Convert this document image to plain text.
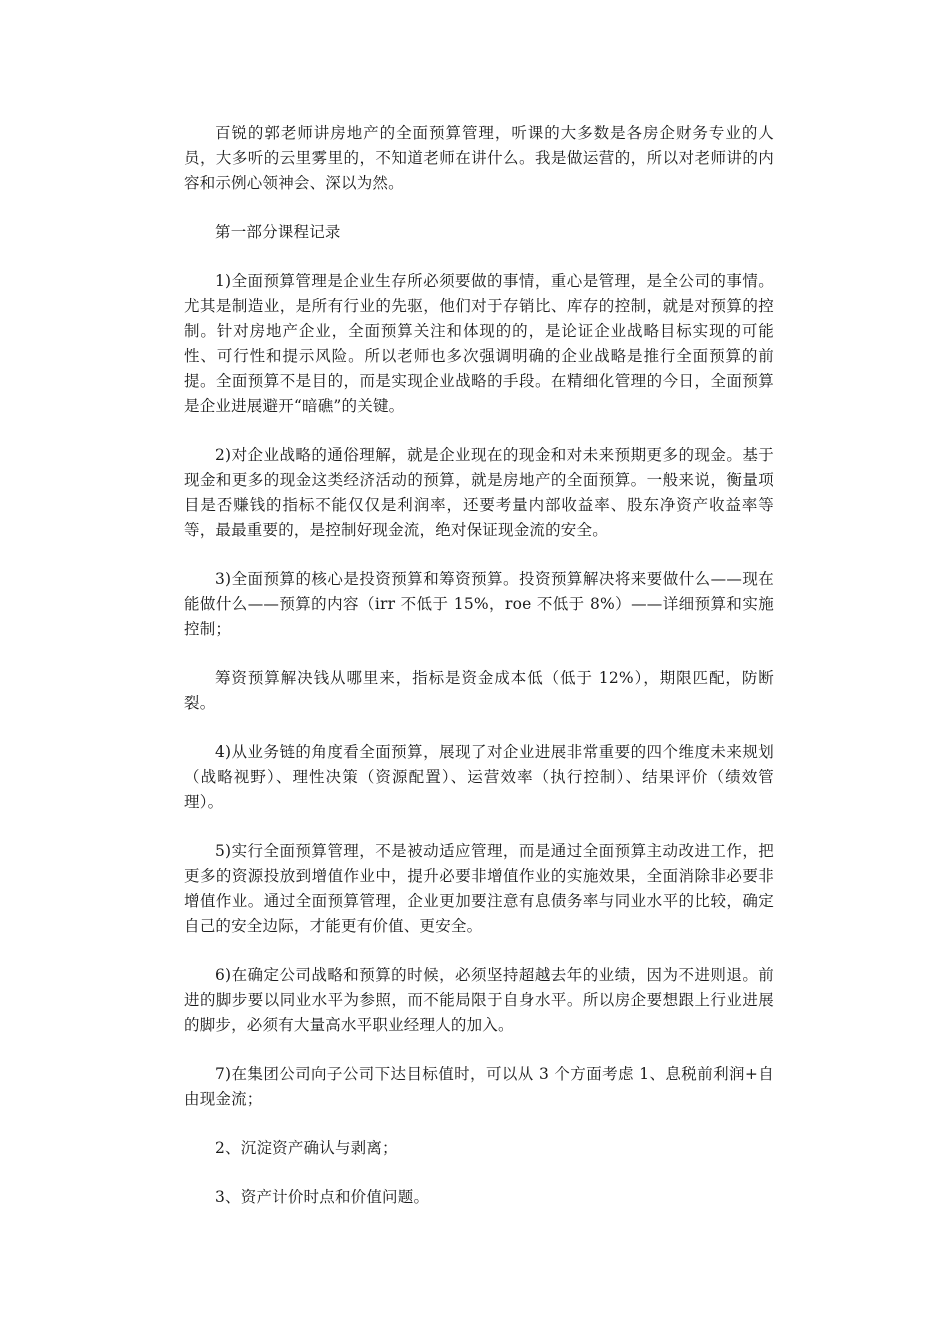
百锐的郭老师讲房地产的全面预算管理，听课的大多数是各房企财务专业的人员，大多听的云里雾里的，不知道老师在讲什么。我是做运营的，所以对老师讲的内容和示例心领神会、深以为然。

第一部分课程记录

1)全面预算管理是企业生存所必须要做的事情，重心是管理，是全公司的事情。尤其是制造业，是所有行业的先驱，他们对于存销比、库存的控制，就是对预算的控制。针对房地产企业，全面预算关注和体现的的，是论证企业战略目标实现的可能性、可行性和提示风险。所以老师也多次强调明确的企业战略是推行全面预算的前提。全面预算不是目的，而是实现企业战略的手段。在精细化管理的今日，全面预算是企业进展避开“暗礁”的关键。

2)对企业战略的通俗理解，就是企业现在的现金和对未来预期更多的现金。基于现金和更多的现金这类经济活动的预算，就是房地产的全面预算。一般来说，衡量项目是否赚钱的指标不能仅仅是利润率，还要考量内部收益率、股东净资产收益率等等，最最重要的，是控制好现金流，绝对保证现金流的安全。

3)全面预算的核心是投资预算和筹资预算。投资预算解决将来要做什么——现在能做什么——预算的内容（irr 不低于 15%，roe 不低于 8%）——详细预算和实施控制；

筹资预算解决钱从哪里来，指标是资金成本低（低于 12%），期限匹配，防断裂。

4)从业务链的角度看全面预算，展现了对企业进展非常重要的四个维度未来规划（战略视野）、理性决策（资源配置）、运营效率（执行控制）、结果评价（绩效管理）。

5)实行全面预算管理，不是被动适应管理，而是通过全面预算主动改进工作，把更多的资源投放到增值作业中，提升必要非增值作业的实施效果，全面消除非必要非增值作业。通过全面预算管理，企业更加要注意有息债务率与同业水平的比较，确定自己的安全边际，才能更有价值、更安全。

6)在确定公司战略和预算的时候，必须坚持超越去年的业绩，因为不进则退。前进的脚步要以同业水平为参照，而不能局限于自身水平。所以房企要想跟上行业进展的脚步，必须有大量高水平职业经理人的加入。

7)在集团公司向子公司下达目标值时，可以从 3 个方面考虑 1、息税前利润+自由现金流；

2、沉淀资产确认与剥离；

3、资产计价时点和价值问题。
